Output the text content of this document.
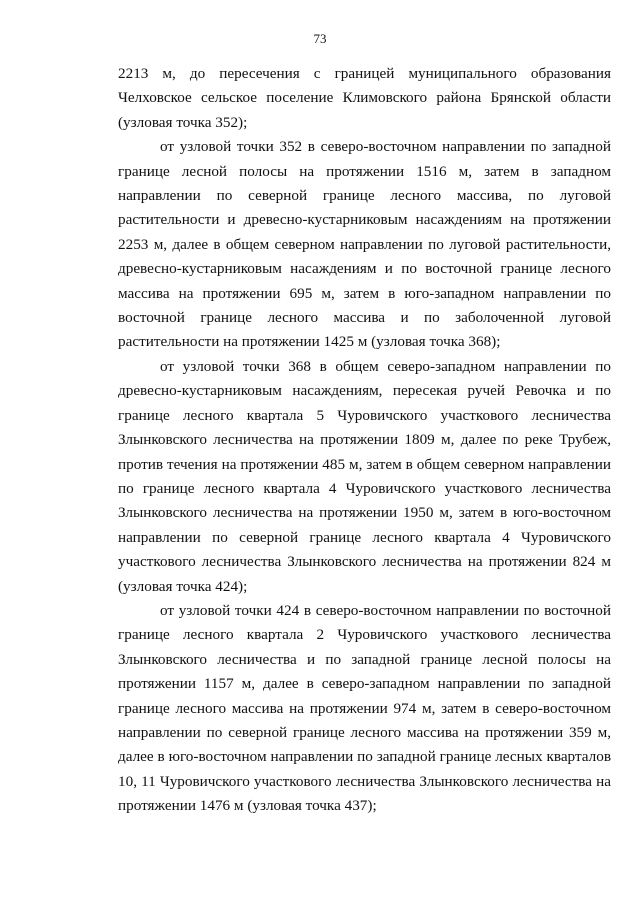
73

2213 м, до пересечения с границей муниципального образования Челховское сельское поселение Климовского района Брянской области (узловая точка 352);

от узловой точки 352 в северо-восточном направлении по западной границе лесной полосы на протяжении 1516 м, затем в западном направлении по северной границе лесного массива, по луговой растительности и древесно-кустарниковым насаждениям на протяжении 2253 м, далее в общем северном направлении по луговой растительности, древесно-кустарниковым насаждениям и по восточной границе лесного массива на протяжении 695 м, затем в юго-западном направлении по восточной границе лесного массива и по заболоченной луговой растительности на протяжении 1425 м (узловая точка 368);

от узловой точки 368 в общем северо-западном направлении по древесно-кустарниковым насаждениям, пересекая ручей Ревочка и по границе лесного квартала 5 Чуровичского участкового лесничества Злынковского лесничества на протяжении 1809 м, далее по реке Трубеж, против течения на протяжении 485 м, затем в общем северном направлении по границе лесного квартала 4 Чуровичского участкового лесничества Злынковского лесничества на протяжении 1950 м, затем в юго-восточном направлении по северной границе лесного квартала 4 Чуровичского участкового лесничества Злынковского лесничества на протяжении 824 м (узловая точка 424);

от узловой точки 424 в северо-восточном направлении по восточной границе лесного квартала 2 Чуровичского участкового лесничества Злынковского лесничества и по западной границе лесной полосы на протяжении 1157 м, далее в северо-западном направлении по западной границе лесного массива на протяжении 974 м, затем в северо-восточном направлении по северной границе лесного массива на протяжении 359 м, далее в юго-восточном направлении по западной границе лесных кварталов 10, 11 Чуровичского участкового лесничества Злынковского лесничества на протяжении 1476 м (узловая точка 437);
